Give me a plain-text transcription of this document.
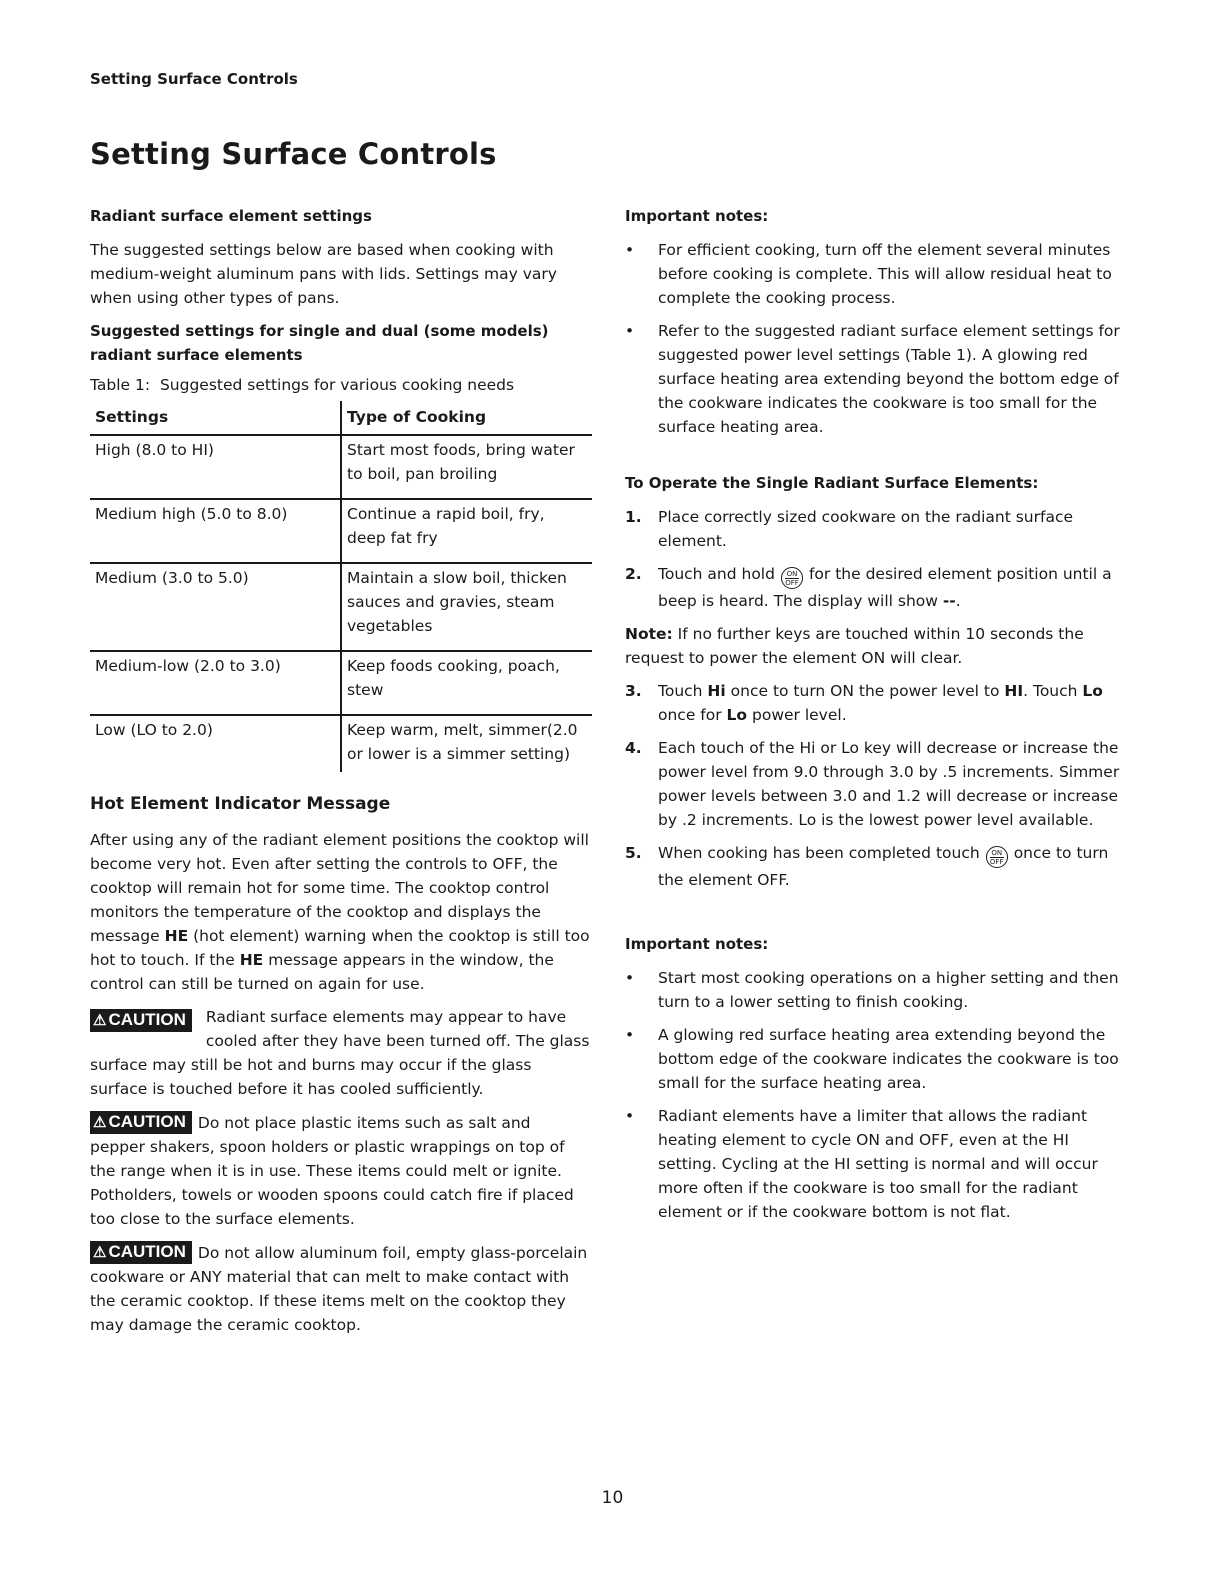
Setting Surface Controls
Setting Surface Controls
Radiant surface element settings

The suggested settings below are based when cooking with medium-weight aluminum pans with lids. Settings may vary when using other types of pans.

Suggested settings for single and dual (some models) radiant surface elements
Table 1: Suggested settings for various cooking needs
Settings	Type of Cooking
High (8.0 to HI)	Start most foods, bring water to boil, pan broiling
Medium high (5.0 to 8.0)	Continue a rapid boil, fry, deep fat fry
Medium (3.0 to 5.0)	Maintain a slow boil, thicken sauces and gravies, steam vegetables
Medium-low (2.0 to 3.0)	Keep foods cooking, poach, stew
Low (LO to 2.0)	Keep warm, melt, simmer(2.0 or lower is a simmer setting)
Hot Element Indicator Message

After using any of the radiant element positions the cooktop will become very hot. Even after setting the controls to OFF, the cooktop will remain hot for some time. The cooktop control monitors the temperature of the cooktop and displays the message HE (hot element) warning when the cooktop is still too hot to touch. If the HE message appears in the window, the control can still be turned on again for use.

⚠ CAUTION	Radiant surface elements may appear to have cooled after they have been turned off. The glass surface may still be hot and burns may occur if the glass surface is touched before it has cooled sufficiently.

⚠ CAUTION Do not place plastic items such as salt and pepper shakers, spoon holders or plastic wrappings on top of the range when it is in use. These items could melt or ignite. Potholders, towels or wooden spoons could catch fire if placed too close to the surface elements.

⚠ CAUTION Do not allow aluminum foil, empty glass-porcelain cookware or ANY material that can melt to make contact with the ceramic cooktop. If these items melt on the cooktop they may damage the ceramic cooktop.

Important notes:
• For efficient cooking, turn off the element several minutes before cooking is complete. This will allow residual heat to complete the cooking process.
• Refer to the suggested radiant surface element settings for suggested power level settings (Table 1). A glowing red surface heating area extending beyond the bottom edge of the cookware indicates the cookware is too small for the surface heating area.
To Operate the Single Radiant Surface Elements:
1. Place correctly sized cookware on the radiant surface element.
2. Touch and hold	ON
OFF for the desired element position until a beep is heard. The display will show --.

Note: If no further keys are touched within 10 seconds the request to power the element ON will clear.

3. Touch Hi once to turn ON the power level to HI. Touch Lo once for Lo power level.
4. Each touch of the Hi or Lo key will decrease or increase the power level from 9.0 through 3.0 by .5 increments. Simmer power levels between 3.0 and 1.2 will decrease or increase by .2 increments. Lo is the lowest power level available.
5. When cooking has been completed touch	ON
OFF once to turn the element OFF.
Important notes:
• Start most cooking operations on a higher setting and then turn to a lower setting to finish cooking.
• A glowing red surface heating area extending beyond the bottom edge of the cookware indicates the cookware is too small for the surface heating area.
• Radiant elements have a limiter that allows the radiant heating element to cycle ON and OFF, even at the HI setting. Cycling at the HI setting is normal and will occur more often if the cookware is too small for the radiant element or if the cookware bottom is not flat.
10
